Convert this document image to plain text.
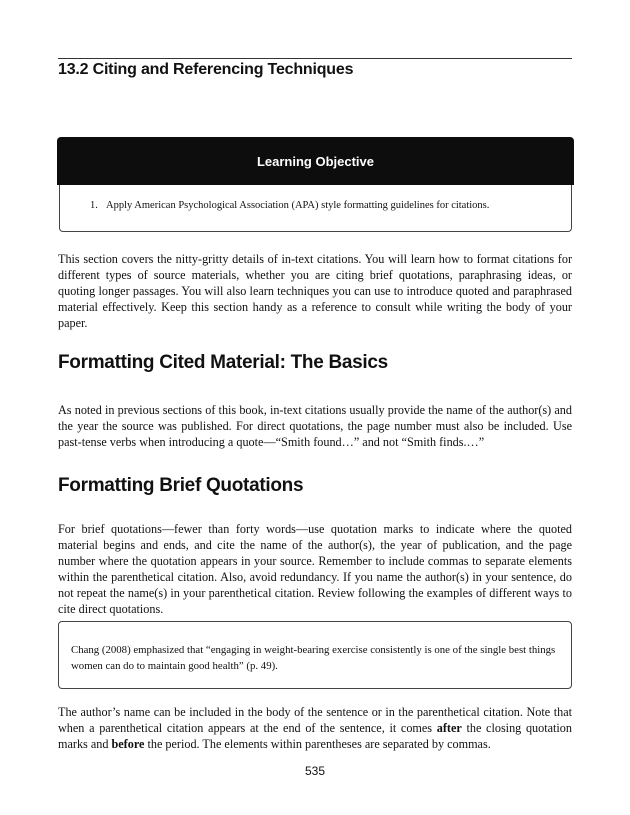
13.2 Citing and Referencing Techniques
Learning Objective
1. Apply American Psychological Association (APA) style formatting guidelines for citations.
This section covers the nitty-gritty details of in-text citations. You will learn how to format citations for different types of source materials, whether you are citing brief quotations, paraphrasing ideas, or quoting longer passages. You will also learn techniques you can use to introduce quoted and paraphrased material effectively. Keep this section handy as a reference to consult while writing the body of your paper.
Formatting Cited Material: The Basics
As noted in previous sections of this book, in-text citations usually provide the name of the author(s) and the year the source was published. For direct quotations, the page number must also be included. Use past-tense verbs when introducing a quote—“Smith found…” and not “Smith finds.…”
Formatting Brief Quotations
For brief quotations—fewer than forty words—use quotation marks to indicate where the quoted material begins and ends, and cite the name of the author(s), the year of publication, and the page number where the quotation appears in your source. Remember to include commas to separate elements within the parenthetical citation. Also, avoid redundancy. If you name the author(s) in your sentence, do not repeat the name(s) in your parenthetical citation. Review following the examples of different ways to cite direct quotations.
Chang (2008) emphasized that “engaging in weight-bearing exercise consistently is one of the single best things women can do to maintain good health” (p. 49).
The author’s name can be included in the body of the sentence or in the parenthetical citation. Note that when a parenthetical citation appears at the end of the sentence, it comes after the closing quotation marks and before the period. The elements within parentheses are separated by commas.
535
